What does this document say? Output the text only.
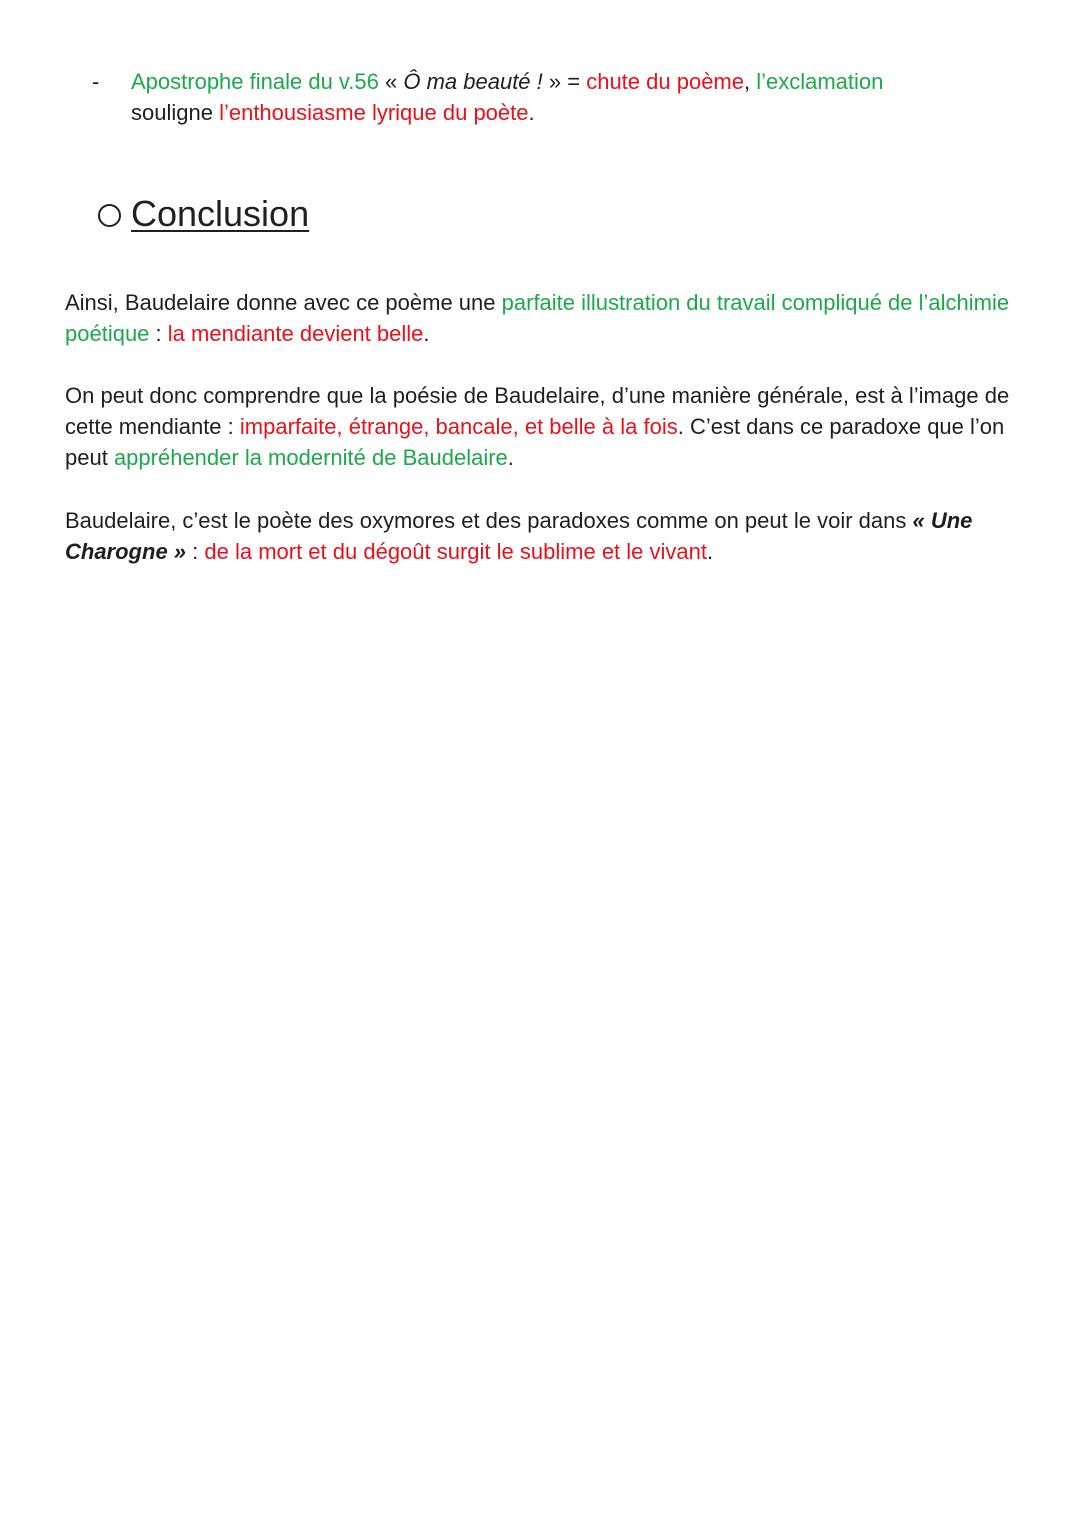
- Apostrophe finale du v.56 « Ô ma beauté ! » = chute du poème, l’exclamation
souligne l’enthousiasme lyrique du poète.
Conclusion

Ainsi, Baudelaire donne avec ce poème une parfaite illustration du travail compliqué de l’alchimie poétique : la mendiante devient belle.

On peut donc comprendre que la poésie de Baudelaire, d’une manière générale, est à l’image de cette mendiante : imparfaite, étrange, bancale, et belle à la fois. C’est dans ce paradoxe que l’on peut appréhender la modernité de Baudelaire.

Baudelaire, c’est le poète des oxymores et des paradoxes comme on peut le voir dans « Une Charogne » : de la mort et du dégoût surgit le sublime et le vivant.
